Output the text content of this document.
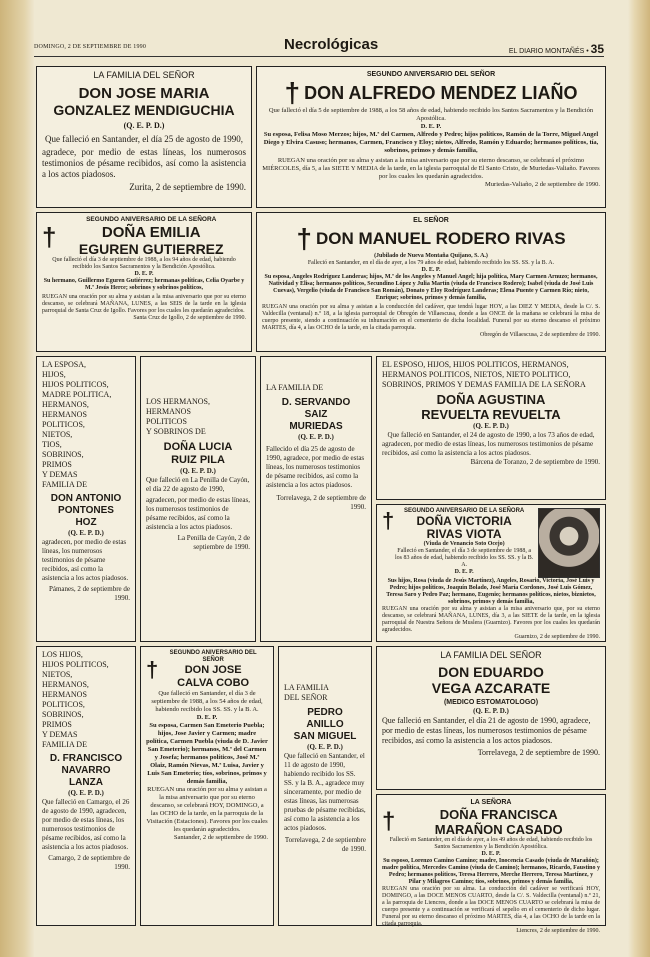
DOMINGO, 2 DE SEPTIEMBRE DE 1990	Necrológicas	EL DIARIO MONTAÑÉS • 35
LA FAMILIA DEL SEÑOR
DON JOSE MARIA
GONZALEZ MENDIGUCHIA
(Q. E. P. D.)
Que falleció en Santander, el día 25 de agosto de 1990,
agradece, por medio de estas líneas, los numerosos testimonios de pésame recibidos, así como la asistencia a los actos piadosos.
Zurita, 2 de septiembre de 1990.
SEGUNDO ANIVERSARIO DEL SEÑOR
† DON ALFREDO MENDEZ LIAÑO
Que falleció el día 5 de septiembre de 1988, a los 58 años de edad, habiendo recibido los Santos Sacramentos y la Bendición Apostólica.
D. E. P.
Su esposa, Felisa Moso Merzos; hijos, M.ª del Carmen, Alfredo y Pedro; hijos políticos, Ramón de la Torre, Miguel Angel Diego y Elvira Casuso; hermanos, Carmen, Francisco y Eloy; nietos, Alfredo, Ramón y Eduardo; hermanos políticos, tía, sobrinos, primos y demás familia,
RUEGAN una oración por su alma y asistan a la misa aniversario que por su eterno descanso, se celebrará el próximo MIÉRCOLES, día 5, a las SIETE Y MEDIA de la tarde, en la iglesia parroquial de El Santo Cristo, de Muriedas-Valiaño. Favores por los cuales les quedarán agradecidos.
Muriedas-Valiaño, 2 de septiembre de 1990.
†
SEGUNDO ANIVERSARIO DE LA SEÑORA
DOÑA EMILIA
EGUREN GUTIERREZ
Que falleció el día 3 de septiembre de 1988, a los 94 años de edad, habiendo recibido los Santos Sacramentos y la Bendición Apostólica.
D. E. P.
Su hermano, Guillermo Eguren Gutiérrez; hermanas políticas, Celia Oyarbe y M.ª Jesús Herce; sobrinos y sobrinos políticos,
RUEGAN una oración por su alma y asistan a la misa aniversario que por su eterno descanso, se celebrará MAÑANA, LUNES, a las SEIS de la tarde en la iglesia parroquial de Santa Cruz de Igollo. Favores por los cuales les quedarán agradecidos.
Santa Cruz de Igollo, 2 de septiembre de 1990.
EL SEÑOR
† DON MANUEL RODERO RIVAS
(Jubilado de Nueva Montaña Quijano, S. A.)
Falleció en Santander, en el día de ayer, a los 79 años de edad, habiendo recibido los SS. SS. y la B. A.
D. E. P.
Su esposa, Angeles Rodríguez Landeras; hijos, M.ª de los Angeles y Manuel Angel; hija política, Mary Carmen Arnuzo; hermanos, Natividad y Elisa; hermanos políticos, Secundino López y Julia Martín (viuda de Francisco Rodero); Isabel (viuda de José Luis Cuevas), Vergelio (viuda de Francisco San Román), Donato y Eloy Rodríguez Landeras; Elena Puente y Carmen Río; nieto, Enrique; sobrinos, primos y demás familia,
RUEGAN una oración por su alma y asistan a la conducción del cadáver, que tendrá lugar HOY, a las DIEZ Y MEDIA, desde la C/. S. Valdecilla (ventanal) n.º 18, a la iglesia parroquial de Obregón de Villaescusa, donde a las ONCE de la mañana se celebrará la misa de cuerpo presente, siendo a continuación su inhumación en el cementerio de dicha localidad. Funeral por su eterno descanso el próximo MARTES, día 4, a las OCHO de la tarde, en la citada parroquia.
Obregón de Villaescusa, 2 de septiembre de 1990.
LA ESPOSA,
HIJOS,
HIJOS POLITICOS,
MADRE POLITICA,
HERMANOS,
HERMANOS
POLITICOS,
NIETOS,
TIOS,
SOBRINOS,
PRIMOS
Y DEMAS
FAMILIA DE
DON ANTONIO
PONTONES
HOZ
(Q. E. P. D.)
agradecen, por medio de estas líneas, los numerosos testimonios de pésame recibidos, así como la asistencia a los actos piadosos.
Pámanes, 2 de septiembre de 1990.
LOS HERMANOS,
HERMANOS
POLITICOS
Y SOBRINOS DE
DOÑA LUCIA
RUIZ PILA
(Q. E. P. D.)
Que falleció en La Penilla de Cayón, el día 22 de agosto de 1990,
agradecen, por medio de estas líneas, los numerosos testimonios de pésame recibidos, así como la asistencia a los actos piadosos.
La Penilla de Cayón, 2 de septiembre de 1990.
LA FAMILIA DE
D. SERVANDO
SAIZ
MURIEDAS
(Q. E. P. D.)
Fallecido el día 25 de agosto de 1990, agradece, por medio de estas líneas, los numerosos testimonios de pésame recibidos, así como la asistencia a los actos piadosos.
Torrelavega, 2 de septiembre de 1990.
EL ESPOSO, HIJOS, HIJOS POLITICOS, HERMANOS, HERMANOS POLITICOS, NIETOS, NIETO POLITICO, SOBRINOS, PRIMOS Y DEMAS FAMILIA DE LA SEÑORA
DOÑA AGUSTINA
REVUELTA REVUELTA
(Q. E. P. D.)
Que falleció en Santander, el 24 de agosto de 1990, a los 73 años de edad,
agradecen, por medio de estas líneas, los numerosos testimonios de pésame recibidos, así como la asistencia a los actos piadosos.
Bárcena de Toranzo, 2 de septiembre de 1990.
†	SEGUNDO ANIVERSARIO DE LA SEÑORA
DOÑA VICTORIA
RIVAS VIOTA
(Viuda de Venancio Soto Ocejo)
Falleció en Santander, el día 3 de septiembre de 1988, a los 83 años de edad, habiendo recibido los SS. SS. y la B. A.
D. E. P.
Sus hijos, Rosa (viuda de Jesús Martínez), Angeles, Rosario, Victoria, José Luis y Pedro; hijos políticos, Joaquín Bolado, José María Cordones, José Luis Gómez, Teresa Saro y Pedro Paz; hermano, Eugenio; hermanos políticos, nietos, biznietos, sobrinos, primos y demás familia,
RUEGAN una oración por su alma y asistan a la misa aniversario que, por su eterno descanso, se celebrará MAÑANA, LUNES, día 3, a las SIETE de la tarde, en la iglesia parroquial de Nuestra Señora de Muslera (Guarnizo). Favores por los cuales les quedarán agradecidos.
Guarnizo, 2 de septiembre de 1990.
LOS HIJOS,
HIJOS POLITICOS,
NIETOS,
HERMANOS,
HERMANOS
POLITICOS,
SOBRINOS,
PRIMOS
Y DEMAS
FAMILIA DE
D. FRANCISCO
NAVARRO
LANZA
(Q. E. P. D.)
Que falleció en Camargo, el 26 de agosto de 1990, agradecen, por medio de estas líneas, los numerosos testimonios de pésame recibidos, así como la asistencia a los actos piadosos.
Camargo, 2 de septiembre de 1990.
†
SEGUNDO ANIVERSARIO DEL SEÑOR
DON JOSE
CALVA COBO
Que falleció en Santander, el día 3 de septiembre de 1988, a los 54 años de edad, habiendo recibido los SS. SS. y la B. A.
D. E. P.
Su esposa, Carmen San Emeterio Puebla; hijos, Jose Javier y Carmen; madre política, Carmen Puebla (viuda de D. Javier San Emeterio); hermanos, M.ª del Carmen y Josefa; hermanos políticos, José M.ª Olaiz, Ramón Nievas, M.ª Luisa, Javier y Luis San Emeterio; tíos, sobrinos, primos y demás familia,
RUEGAN una oración por su alma y asistan a la misa aniversario que por su eterno descanso, se celebrará HOY, DOMINGO, a las OCHO de la tarde, en la parroquia de la Visitación (Estaciones). Favores por los cuales les quedarán agradecidos.
Santander, 2 de septiembre de 1990.
LA FAMILIA
DEL SEÑOR
PEDRO
ANILLO
SAN MIGUEL
(Q. E. P. D.)
Que falleció en Santander, el 11 de agosto de 1990, habiendo recibido los SS. SS. y la B. A., agradece muy sinceramente, por medio de estas líneas, las numerosas pruebas de pésame recibidas, así como la asistencia a los actos piadosos.
Torrelavega, 2 de septiembre de 1990.
LA FAMILIA DEL SEÑOR
DON EDUARDO
VEGA AZCARATE
(MEDICO ESTOMATOLOGO)
(Q. E. P. D.)
Que falleció en Santander, el día 21 de agosto de 1990, agradece, por medio de estas líneas, los numerosos testimonios de pésame recibidos, así como la asistencia a los actos piadosos.
Torrelavega, 2 de septiembre de 1990.
LA SEÑORA
†	DOÑA FRANCISCA
MARAÑON CASADO
Falleció en Santander, en el día de ayer, a los 49 años de edad, habiendo recibido los Santos Sacramentos y la Bendición Apostólica.
D. E. P.
Su esposo, Lorenzo Camino Camino; madre, Inocencia Casado (viuda de Marañón); madre política, Mercedes Camino (viuda de Camino); hermanos, Ricardo, Faustino y Pedro; hermanos políticos, Teresa Herrero, Merche Herrero, Teresa Martínez, y Pilar y Milagros Camino; tíos, sobrinos, primos y demás familia,
RUEGAN una oración por su alma. La conducción del cadáver se verificará HOY, DOMINGO, a las DOCE MENOS CUARTO, desde la C/. S. Valdecilla (ventanal) n.º 21, a la parroquia de Liencres, donde a las DOCE MENOS CUARTO se celebrará la misa de cuerpo presente y a continuación se verificará el sepelio en el cementerio de dicho lugar. Funeral por su eterno descanso el próximo MARTES, día 4, a las OCHO de la tarde en la citada parroquia.
Liencres, 2 de septiembre de 1990.
